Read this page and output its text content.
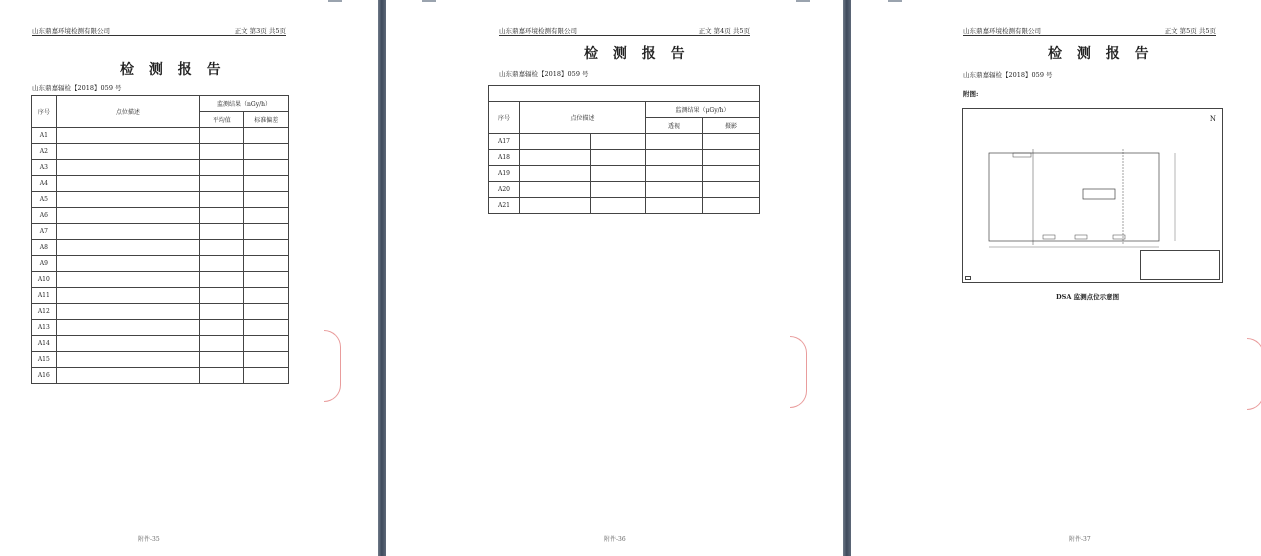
山东鼎嘉环境检测有限公司	正文 第3页 共5页
检 测 报 告
山东鼎嘉辐检【2018】059 号
序号	点位描述	监测结果（nGy/h）	
		平均值	标准偏差
A1			
A2			
A3			
A4			
A5			
A6			
A7			
A8			
A9			
A10			
A11			
A12			
A13			
A14			
A15			
A16			
附件-35
山东鼎嘉环境检测有限公司	正文 第4页 共5页
检 测 报 告
山东鼎嘉辐检【2018】059 号

序号	点位描述		监测结果（μGy/h）	
			透视	摄影
A17				
A18				
A19				
A20				
A21				
附件-36
山东鼎嘉环境检测有限公司	正文 第5页 共5页
检 测 报 告
山东鼎嘉辐检【2018】059 号
附图:
N
DSA 监测点位示意图
附件-37
